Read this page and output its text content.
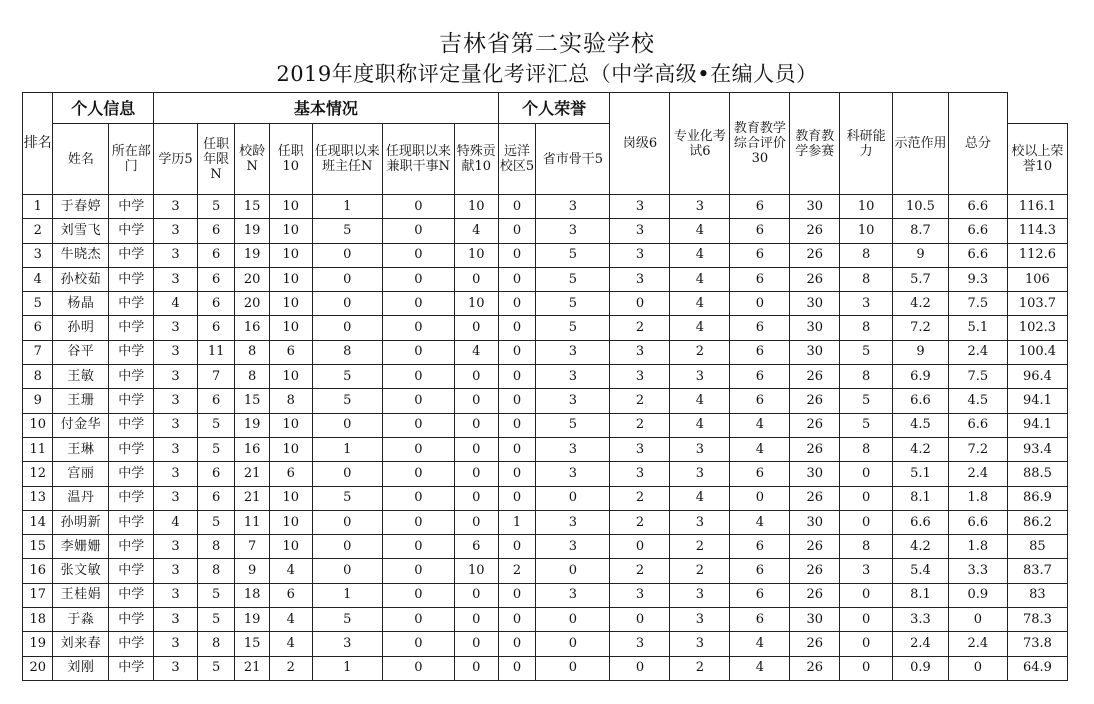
吉林省第二实验学校
2019年度职称评定量化考评汇总（中学高级•在编人员）
排名	个人信息		基本情况							个人荣誉		岗级6	专业化考试6	教育教学综合评价30	教育教学参赛	科研能力	示范作用	总分	
	姓名	所在部门	学历5	任职年限N	校龄N	任职10	任现职以来班主任N	任现职以来兼职干事N	特殊贡献10	远洋校区5	省市骨干5								校以上荣誉10
1	于春婷	中学	3	5	15	10	1	0	10	0	3	3	3	6	30	10	10.5	6.6	116.1
2	刘雪飞	中学	3	6	19	10	5	0	4	0	3	3	4	6	26	10	8.7	6.6	114.3
3	牛晓杰	中学	3	6	19	10	0	0	10	0	5	3	4	6	26	8	9	6.6	112.6
4	孙校茹	中学	3	6	20	10	0	0	0	0	5	3	4	6	26	8	5.7	9.3	106
5	杨晶	中学	4	6	20	10	0	0	10	0	5	0	4	0	30	3	4.2	7.5	103.7
6	孙明	中学	3	6	16	10	0	0	0	0	5	2	4	6	30	8	7.2	5.1	102.3
7	谷平	中学	3	11	8	6	8	0	4	0	3	3	2	6	30	5	9	2.4	100.4
8	王敏	中学	3	7	8	10	5	0	0	0	3	3	3	6	26	8	6.9	7.5	96.4
9	王珊	中学	3	6	15	8	5	0	0	0	3	2	4	6	26	5	6.6	4.5	94.1
10	付金华	中学	3	5	19	10	0	0	0	0	5	2	4	4	26	5	4.5	6.6	94.1
11	王琳	中学	3	5	16	10	1	0	0	0	3	3	3	4	26	8	4.2	7.2	93.4
12	宫丽	中学	3	6	21	6	0	0	0	0	3	3	3	6	30	0	5.1	2.4	88.5
13	温丹	中学	3	6	21	10	5	0	0	0	0	2	4	0	26	0	8.1	1.8	86.9
14	孙明新	中学	4	5	11	10	0	0	0	1	3	2	3	4	30	0	6.6	6.6	86.2
15	李姗姗	中学	3	8	7	10	0	0	6	0	3	0	2	6	26	8	4.2	1.8	85
16	张文敏	中学	3	8	9	4	0	0	10	2	0	2	2	6	26	3	5.4	3.3	83.7
17	王桂娟	中学	3	5	18	6	1	0	0	0	3	3	3	6	26	0	8.1	0.9	83
18	于淼	中学	3	5	19	4	5	0	0	0	0	0	3	6	30	0	3.3	0	78.3
19	刘来春	中学	3	8	15	4	3	0	0	0	0	3	3	4	26	0	2.4	2.4	73.8
20	刘刚	中学	3	5	21	2	1	0	0	0	0	0	2	4	26	0	0.9	0	64.9
